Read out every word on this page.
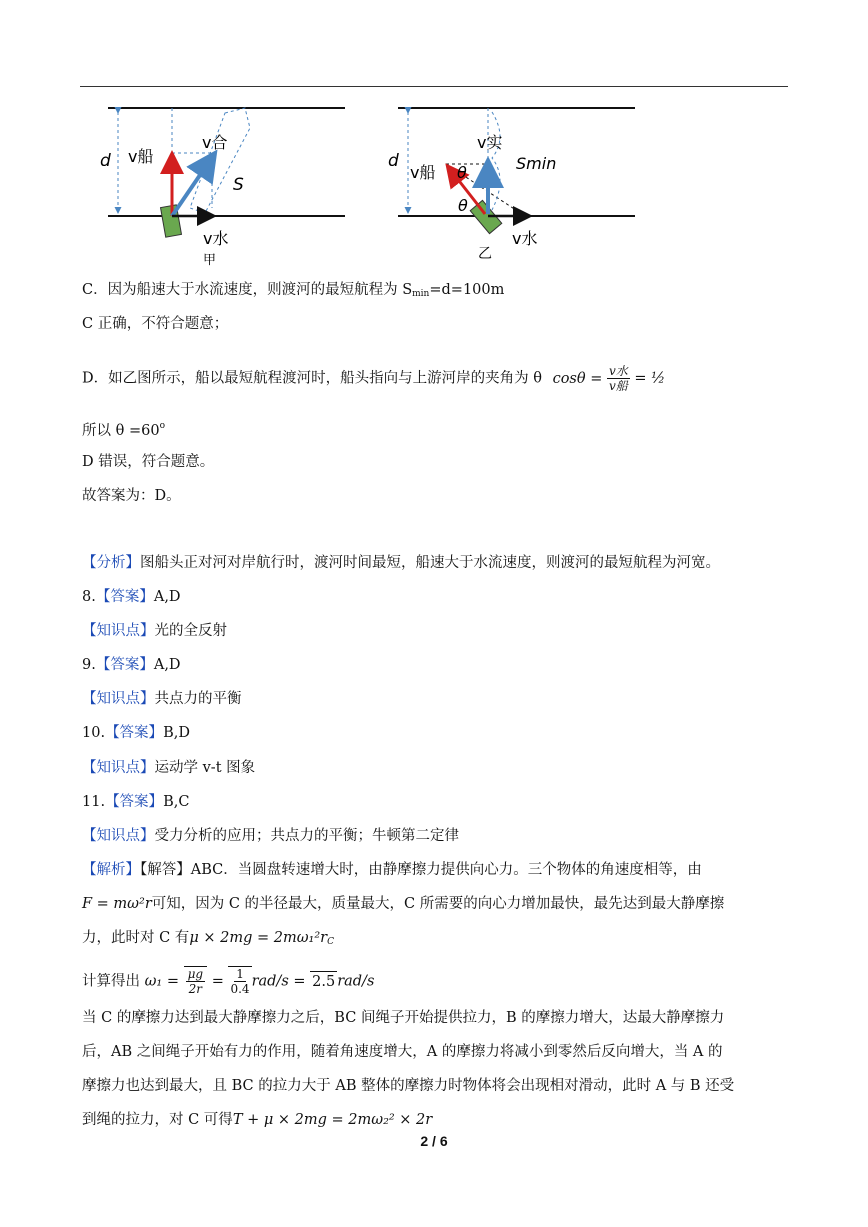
d v船
v合
S
v水
甲
d
v船
v实
Smin
θ
θ
v水
乙
C．因为船速大于水流速度，则渡河的最短航程为 $S_{min}=d=100m$
C 正确，不符合题意；
D．如乙图所示，船以最短航程渡河时，船头指向与上游河岸的夹角为 θ $\cos\theta = \frac{\text{v水}}{\text{v船}}$ = ½
所以 $\theta =60^o$
D 错误，符合题意。
故答案为：D。
【分析】图船头正对河对岸航行时，渡河时间最短，船速大于水流速度，则渡河的最短航程为河宽。
8.【答案】A,D
【知识点】光的全反射
9.【答案】A,D
【知识点】共点力的平衡
10.【答案】B,D
【知识点】运动学 v-t 图象
11.【答案】B,C
【知识点】受力分析的应用；共点力的平衡；牛顿第二定律
【解析】【解答】ABC．当圆盘转速增大时，由静摩擦力提供向心力。三个物体的角速度相等，由
F = mω²r可知，因为 C 的半径最大，质量最大，C 所需要的向心力增加最快，最先达到最大静摩擦
力，此时对 C 有$\mu \times 2mg = 2m\omega_1^2r_C$
计算得出 $\omega_1 = \frac{\mu g}{2r} = \frac{1}{0.4} rad/s = 2.5$ rad/s
当 C 的摩擦力达到最大静摩擦力之后，BC 间绳子开始提供拉力，B 的摩擦力增大，达最大静摩擦力
后，AB 之间绳子开始有力的作用，随着角速度增大，A 的摩擦力将减小到零然后反向增大，当 A 的
摩擦力也达到最大，且 BC 的拉力大于 AB 整体的摩擦力时物体将会出现相对滑动，此时 A 与 B 还受
到绳的拉力，对 C 可得T + μ × 2mg = 2mω₂² × 2r
2 / 6
